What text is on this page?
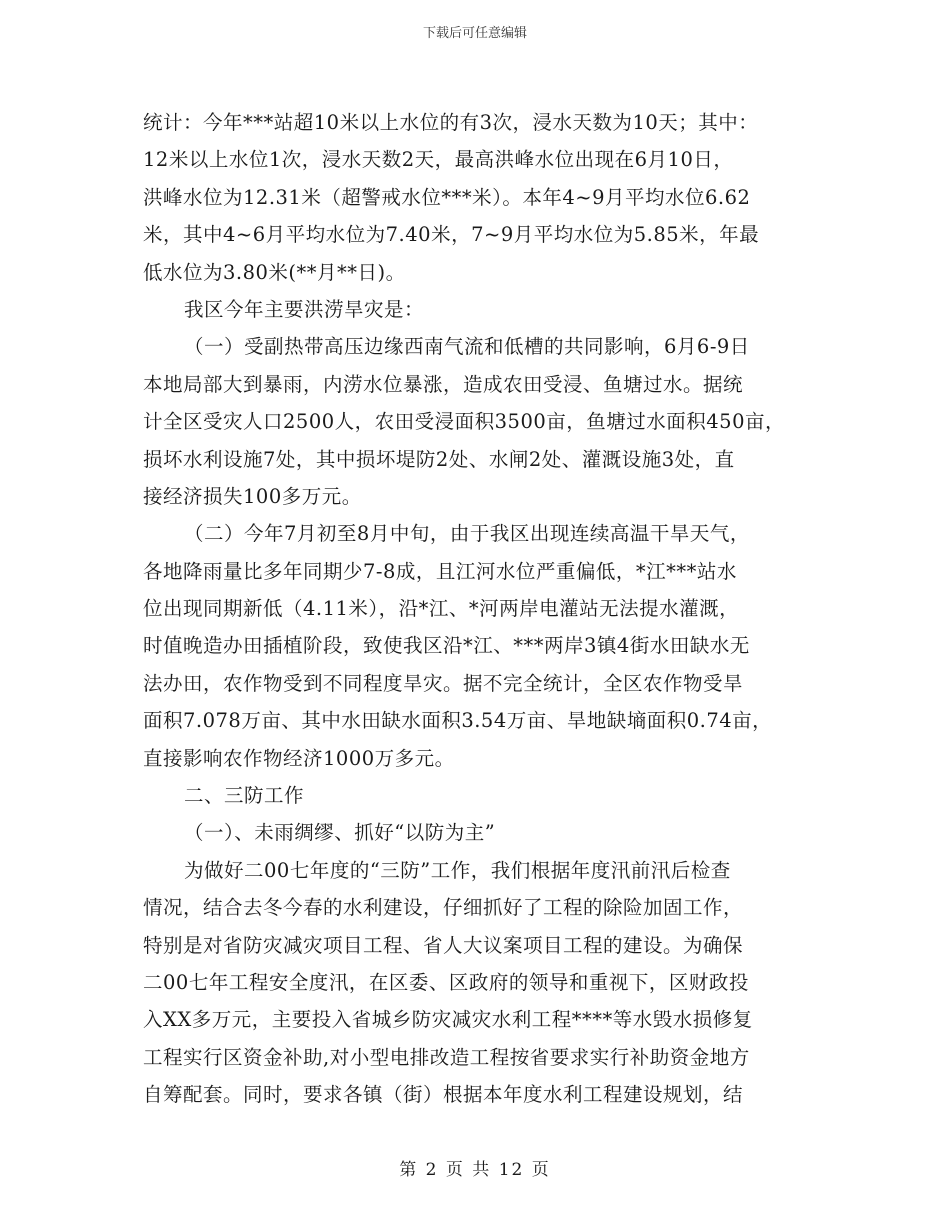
下载后可任意编辑
统计：今年***站超10米以上水位的有3次，浸水天数为10天；其中：
12米以上水位1次，浸水天数2天，最高洪峰水位出现在6月10日，
洪峰水位为12.31米（超警戒水位***米）。本年4~9月平均水位6.62
米，其中4~6月平均水位为7.40米，7~9月平均水位为5.85米，年最
低水位为3.80米(**月**日)。
我区今年主要洪涝旱灾是：
（一）受副热带高压边缘西南气流和低槽的共同影响，6月6-9日
本地局部大到暴雨，内涝水位暴涨，造成农田受浸、鱼塘过水。据统
计全区受灾人口2500人，农田受浸面积3500亩，鱼塘过水面积450亩，
损坏水利设施7处，其中损坏堤防2处、水闸2处、灌溉设施3处，直
接经济损失100多万元。
（二）今年7月初至8月中旬，由于我区出现连续高温干旱天气，
各地降雨量比多年同期少7-8成，且江河水位严重偏低，*江***站水
位出现同期新低（4.11米），沿*江、*河两岸电灌站无法提水灌溉，
时值晚造办田插植阶段，致使我区沿*江、***两岸3镇4街水田缺水无
法办田，农作物受到不同程度旱灾。据不完全统计，全区农作物受旱
面积7.078万亩、其中水田缺水面积3.54万亩、旱地缺墒面积0.74亩，
直接影响农作物经济1000万多元。
二、三防工作
（一）、未雨绸缪、抓好“以防为主”
为做好二00七年度的“三防”工作，我们根据年度汛前汛后检查
情况，结合去冬今春的水利建设，仔细抓好了工程的除险加固工作，
特别是对省防灾减灾项目工程、省人大议案项目工程的建设。为确保
二00七年工程安全度汛，在区委、区政府的领导和重视下，区财政投
入XX多万元，主要投入省城乡防灾减灾水利工程****等水毁水损修复
工程实行区资金补助,对小型电排改造工程按省要求实行补助资金地方
自筹配套。同时，要求各镇（街）根据本年度水利工程建设规划，结
第 2 页 共 12 页
